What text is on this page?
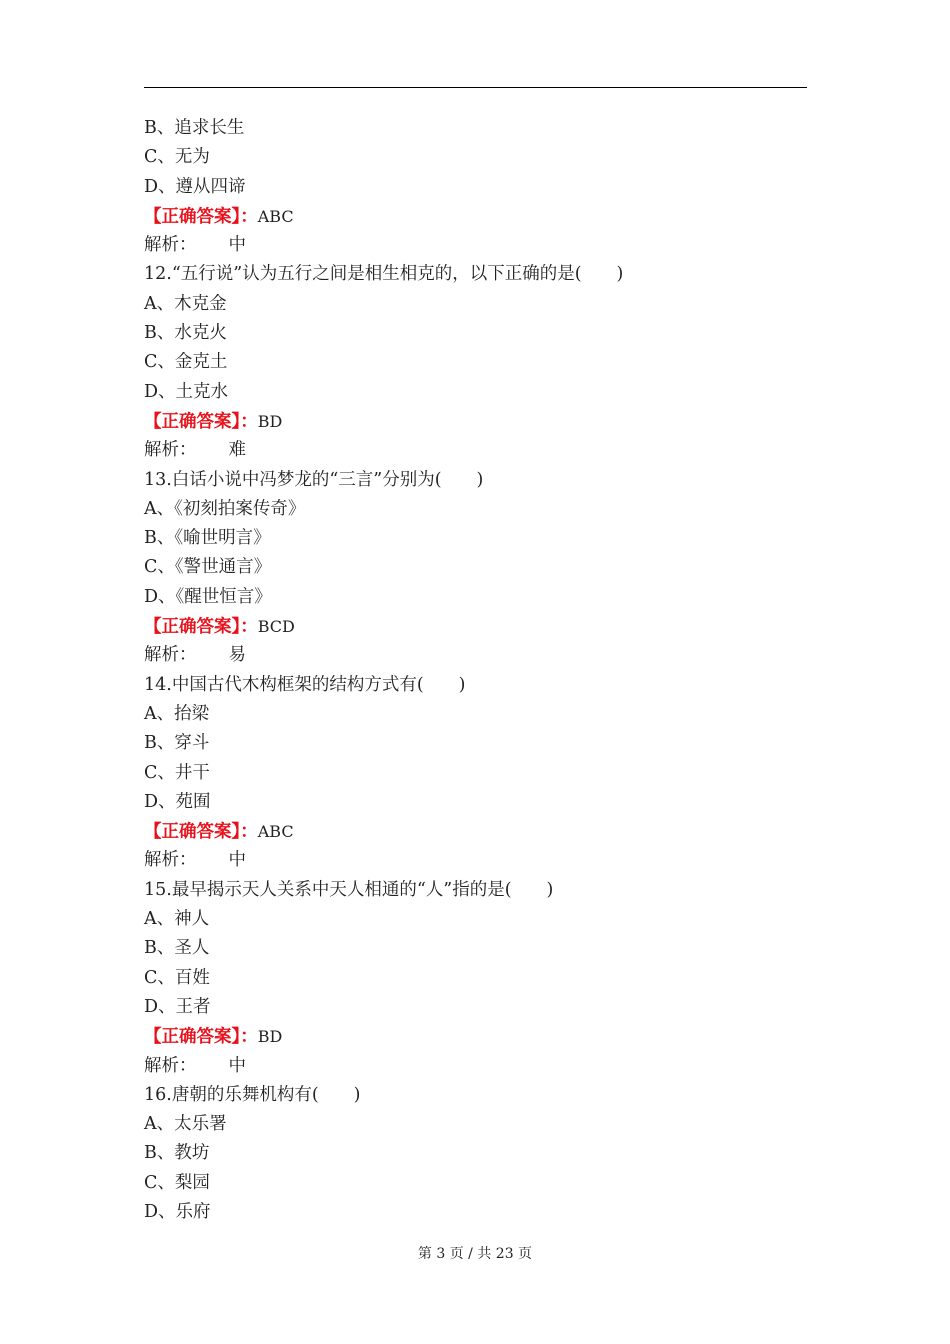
B、追求长生
C、无为
D、遵从四谛
【正确答案】：ABC
解析： 中
12.“五行说”认为五行之间是相生相克的，以下正确的是(　　)
A、木克金
B、水克火
C、金克土
D、土克水
【正确答案】：BD
解析： 难
13.白话小说中冯梦龙的“三言”分别为(　　)
A、《初刻拍案传奇》
B、《喻世明言》
C、《警世通言》
D、《醒世恒言》
【正确答案】：BCD
解析： 易
14.中国古代木构框架的结构方式有(　　)
A、抬梁
B、穿斗
C、井干
D、苑囿
【正确答案】：ABC
解析： 中
15.最早揭示天人关系中天人相通的“人”指的是(　　)
A、神人
B、圣人
C、百姓
D、王者
【正确答案】：BD
解析： 中
16.唐朝的乐舞机构有(　　)
A、太乐署
B、教坊
C、梨园
D、乐府
第 3 页 / 共 23 页
